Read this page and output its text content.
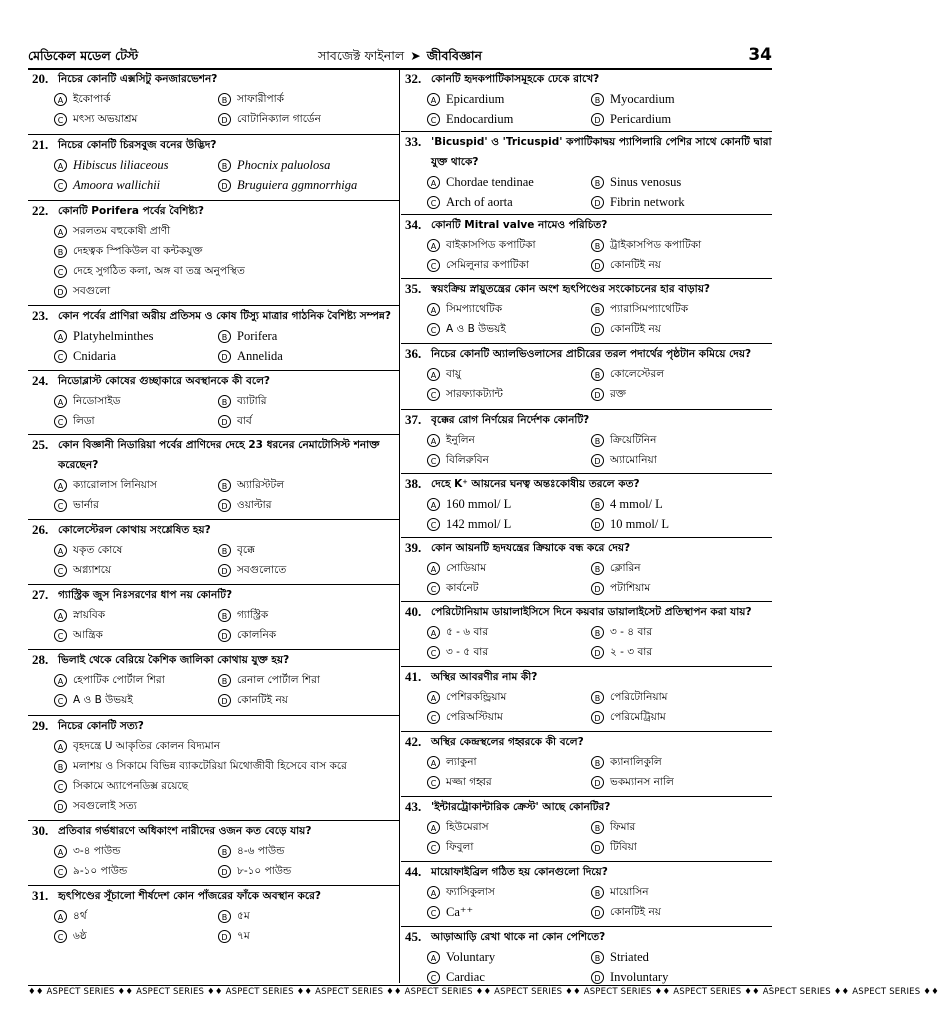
মেডিকেল মডেল টেস্ট	সাবজেক্ট ফাইনাল ➤ জীববিজ্ঞান	34
20. নিচের কোনটি এক্সসিটু কনজারভেশন?
A ইকোপার্ক	B সাফারীপার্ক
C মৎস্য অভয়াশ্রম	D বোটানিক্যাল গার্ডেন
21. নিচের কোনটি চিরসবুজ বনের উদ্ভিদ?
A Hibiscus liliaceous	B Phocnix paluolosa
C Amoora wallichii	D Bruguiera ggmnorrhiga
22. কোনটি Porifera পর্বের বৈশিষ্ট্য?
A সরলতম বহুকোষী প্রাণী
B দেহত্বক স্পিকিউল বা কন্টকযুক্ত
C দেহে সুগঠিত কলা, অঙ্গ বা তন্ত্র অনুপস্থিত
D সবগুলো
23. কোন পর্বের প্রাণিরা অরীয় প্রতিসম ও কোষ টিস্যু মাত্রার গাঠনিক বৈশিষ্ট্য সম্পন্ন?
A Platyhelminthes	B Porifera
C Cnidaria	D Annelida
24. নিডোব্লাস্ট কোষের গুচ্ছাকারে অবস্থানকে কী বলে?
A নিডোসাইড	B ব্যাটারি
C লিডা	D বার্ব
25. কোন বিজ্ঞানী নিডারিয়া পর্বের প্রাণিদের দেহে 23 ধরনের নেমাটোসিস্ট শনাক্ত করেছেন?
A ক্যারোলাস লিনিয়াস	B অ্যারিস্টটল
C ভার্নার	D ওয়াল্টার
26. কোলেস্টেরল কোথায় সংশ্লেষিত হয়?
A যকৃত কোষে	B বৃক্কে
C অগ্ন্যাশয়ে	D সবগুলোতে
27. গ্যাস্ট্রিক জুস নিঃসরণের ধাপ নয় কোনটি?
A স্নায়বিক	B গ্যাস্ট্রিক
C আন্ত্রিক	D কোলনিক
28. ভিলাই থেকে বেরিয়ে কৈশিক জালিকা কোথায় যুক্ত হয়?
A হেপাটিক পোর্টাল শিরা	B রেনাল পোর্টাল শিরা
C A ও B উভয়ই	D কোনটিই নয়
29. নিচের কোনটি সত্য?
A বৃহদন্ত্রে U আকৃতির কোলন বিদ্যমান
B মলাশয় ও সিকামে বিভিন্ন ব্যাকটেরিয়া মিথোজীবী হিসেবে বাস করে
C সিকামে অ্যাপেনডিক্স রয়েছে
D সবগুলোই সত্য
30. প্রতিবার গর্ভধারণে অধিকাংশ নারীদের ওজন কত বেড়ে যায়?
A ৩-৪ পাউন্ড	B ৪-৬ পাউন্ড
C ৯-১০ পাউন্ড	D ৮-১০ পাউন্ড
31. হৃৎপিণ্ডের সূঁচালো শীর্ষদেশ কোন পাঁজরের ফাঁকে অবস্থান করে?
A ৪র্থ	B ৫ম
C ৬ষ্ঠ	D ৭ম
32. কোনটি হৃদকপাটিকাসমূহকে ঢেকে রাখে?
A Epicardium	B Myocardium
C Endocardium	D Pericardium
33. 'Bicuspid' ও 'Tricuspid' কপাটিকাদ্বয় প্যাপিলারি পেশির সাথে কোনটি দ্বারা যুক্ত থাকে?
A Chordae tendinae	B Sinus venosus
C Arch of aorta	D Fibrin network
34. কোনটি Mitral valve নামেও পরিচিত?
A বাইকাসপিড কপাটিকা	B ট্রাইকাসপিড কপাটিকা
C সেমিলুনার কপাটিকা	D কোনটিই নয়
35. স্বয়ংক্রিয় স্নায়ুতন্ত্রের কোন অংশ হৃৎপিণ্ডের সংকোচনের হার বাড়ায়?
A সিমপ্যাথেটিক	B প্যারাসিমপ্যাথেটিক
C A ও B উভয়ই	D কোনটিই নয়
36. নিচের কোনটি অ্যালভিওলাসের প্রাচীরের তরল পদার্থের পৃষ্ঠটান কমিয়ে দেয়?
A বায়ু	B কোলেস্টেরল
C সারফ্যাকট্যান্ট	D রক্ত
37. বৃক্কের রোগ নির্ণয়ের নির্দেশক কোনটি?
A ইনুলিন	B ক্রিয়েটিনিন
C বিলিরুবিন	D অ্যামোনিয়া
38. দেহে K⁺ আয়নের ঘনত্ব অন্তঃকোষীয় তরলে কত?
A 160 mmol/ L	B 4 mmol/ L
C 142 mmol/ L	D 10 mmol/ L
39. কোন আয়নটি হৃদযন্ত্রের ক্রিয়াকে বন্ধ করে দেয়?
A সোডিয়াম	B ক্লোরিন
C কার্বনেট	D পটাশিয়াম
40. পেরিটোনিয়াম ডায়ালাইসিসে দিনে কয়বার ডায়ালাইসেট প্রতিস্থাপন করা যায়?
A ৫ - ৬ বার	B ৩ - ৪ বার
C ৩ - ৫ বার	D ২ - ৩ বার
41. অস্থির আবরণীর নাম কী?
A পেশিরকন্ড্রিয়াম	B পেরিটোনিয়াম
C পেরিঅস্টিয়াম	D পেরিমেট্রিয়াম
42. অস্থির কেন্দ্রস্থলের গহ্বরকে কী বলে?
A ল্যাকুনা	B ক্যানালিকুলি
C মজ্জা গহ্বর	D ভকম্যানস নালি
43. 'ইন্টারট্রোকান্টারিক ক্রেস্ট' আছে কোনটির?
A হিউমেরাস	B ফিমার
C ফিবুলা	D টিবিয়া
44. মায়োফাইব্রিল গঠিত হয় কোনগুলো দিয়ে?
A ফ্যাসিকুলাস	B মায়োসিন
C Ca⁺⁺	D কোনটিই নয়
45. আড়াআড়ি রেখা থাকে না কোন পেশিতে?
A Voluntary	B Striated
C Cardiac	D Involuntary
♦♦ ASPECT SERIES ♦♦ ASPECT SERIES ♦♦ ASPECT SERIES ♦♦ ASPECT SERIES ♦♦ ASPECT SERIES ♦♦ ASPECT SERIES ♦♦ ASPECT SERIES ♦♦ ASPECT SERIES ♦♦ ASPECT SERIES ♦♦ ASPECT SERIES ♦♦
